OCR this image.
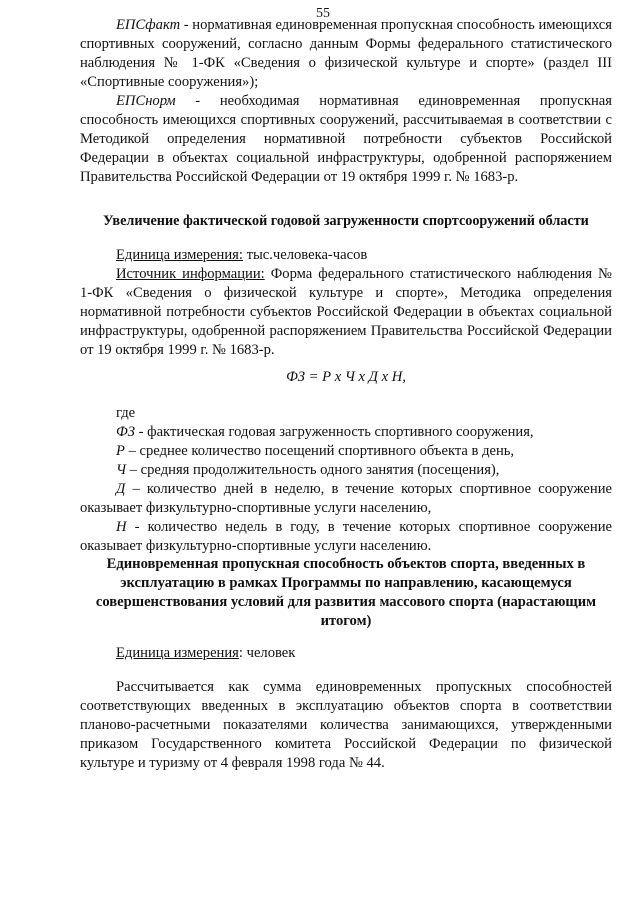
55

ЕПСфакт - нормативная единовременная пропускная способность имеющихся спортивных сооружений, согласно данным Формы федерального статистического наблюдения № 1-ФК «Сведения о физической культуре и спорте» (раздел III «Спортивные сооружения»);

ЕПСнорм - необходимая нормативная единовременная пропускная способность имеющихся спортивных сооружений, рассчитываемая в соответствии с Методикой определения нормативной потребности субъектов Российской Федерации в объектах социальной инфраструктуры, одобренной распоряжением Правительства Российской Федерации от 19 октября 1999 г. № 1683-р.

Увеличение фактической годовой загруженности спортсооружений области

Единица измерения: тыс.человека-часов

Источник информации: Форма федерального статистического наблюдения № 1-ФК «Сведения о физической культуре и спорте», Методика определения нормативной потребности субъектов Российской Федерации в объектах социальной инфраструктуры, одобренной распоряжением Правительства Российской Федерации от 19 октября 1999 г. № 1683-р.

ФЗ = Р х Ч х Д х Н,

где

ФЗ - фактическая годовая загруженность спортивного сооружения,

Р – среднее количество посещений спортивного объекта в день,

Ч – средняя продолжительность одного занятия (посещения),

Д – количество дней в неделю, в течение которых спортивное сооружение оказывает физкультурно-спортивные услуги населению,

Н - количество недель в году, в течение которых спортивное сооружение оказывает физкультурно-спортивные услуги населению.

Единовременная пропускная способность объектов спорта, введенных в эксплуатацию в рамках Программы по направлению, касающемуся совершенствования условий для развития массового спорта (нарастающим итогом)

Единица измерения: человек

Рассчитывается как сумма единовременных пропускных способностей соответствующих введенных в эксплуатацию объектов спорта в соответствии планово-расчетными показателями количества занимающихся, утвержденными приказом Государственного комитета Российской Федерации по физической культуре и туризму от 4 февраля 1998 года № 44.
